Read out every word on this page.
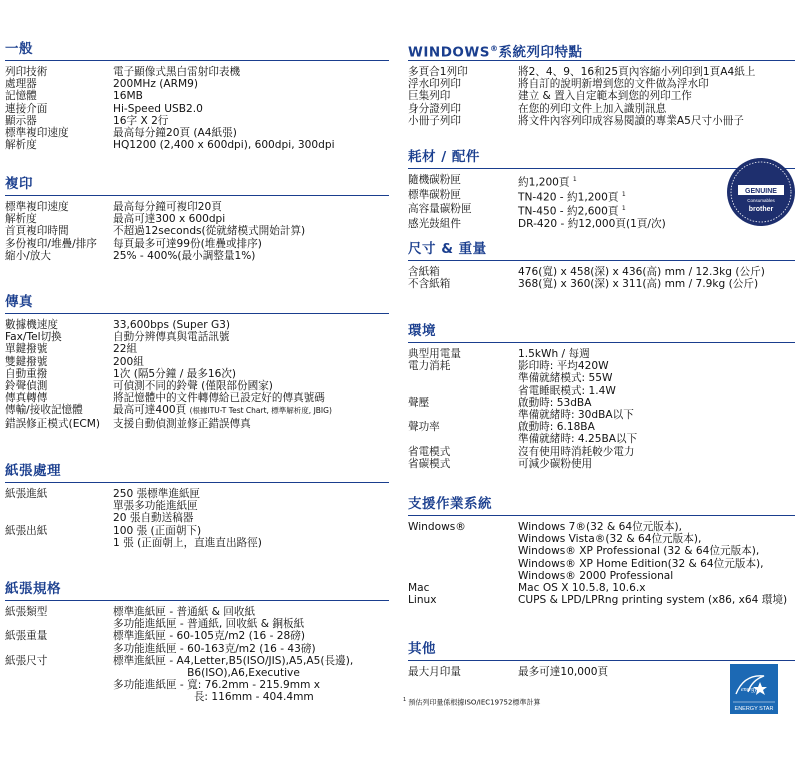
一般
列印技術	電子顯像式黑白雷射印表機
處理器	200MHz (ARM9)
記憶體	16MB
連接介面	Hi-Speed USB2.0
顯示器	16字 X 2行
標準複印速度	最高每分鐘20頁 (A4紙張)
解析度	HQ1200 (2,400 x 600dpi), 600dpi, 300dpi
複印
標準複印速度	最高每分鐘可複印20頁
解析度	最高可達300 x 600dpi
首頁複印時間	不超過12seconds(從就緒模式開始計算)
多份複印/堆疊/排序	每頁最多可達99份(堆疊或排序)
縮小/放大	25% - 400%(最小調整量1%)
傳真
數據機速度	33,600bps (Super G3)
Fax/Tel切換	自動分辨傳真與電話訊號
單鍵撥號	22組
雙鍵撥號	200組
自動重撥	1次 (隔5分鐘 / 最多16次)
鈴聲偵測	可偵測不同的鈴聲 (僅限部份國家)
傳真轉傳	將記憶體中的文件轉傳給已設定好的傳真號碼
傳輸/接收記憶體	最高可達400頁 (根據ITU-T Test Chart, 標準解析度, JBIG)
錯誤修正模式(ECM)	支援自動偵測並修正錯誤傳真
紙張處理
紙張進紙	250 張標準進紙匣
單張多功能進紙匣
20 張自動送稿器
紙張出紙	100 張 (正面朝下)
1 張 (正面朝上，直進直出路徑)
紙張規格
紙張類型	標準進紙匣 - 普通紙 & 回收紙
多功能進紙匣 - 普通紙, 回收紙 & 銅板紙
紙張重量	標準進紙匣 - 60-105克/m2 (16 - 28磅)
多功能進紙匣 - 60-163克/m2 (16 - 43磅)
紙張尺寸	標準進紙匣 - A4,Letter,B5(ISO/JIS),A5,A5(長邊),
B6(ISO),A6,Executive
多功能進紙匣 - 寬: 76.2mm - 215.9mm x
長: 116mm - 404.4mm
WINDOWS®系統列印特點
多頁合1列印	將2、4、9、16和25頁內容縮小列印到1頁A4紙上
浮水印列印	將自訂的說明新增到您的文件做為浮水印
巨集列印	建立 & 置入自定範本到您的列印工作
身分證列印	在您的列印文件上加入識別訊息
小冊子列印	將文件內容列印成容易閱讀的專業A5尺寸小冊子
耗材 / 配件
隨機碳粉匣	約1,200頁 $^1$
標準碳粉匣	TN-420 - 約1,200頁 $^1$
高容量碳粉匣	TN-450 - 約2,600頁 $^1$
感光鼓組件	DR-420 - 約12,000頁(1頁/次)
GENUINE
Consumables
brother
尺寸 & 重量
含紙箱	476(寬) x 458(深) x 436(高) mm / 12.3kg (公斤)
不含紙箱	368(寬) x 360(深) x 311(高) mm / 7.9kg (公斤)
環境
典型用電量	1.5kWh / 每週
電力消耗	影印時: 平均420W
準備就緒模式: 55W
省電睡眠模式: 1.4W
聲壓	啟動時: 53dBA
準備就緒時: 30dBA以下
聲功率	啟動時: 6.18BA
準備就緒時: 4.25BA以下
省電模式	沒有使用時消耗較少電力
省碳模式	可減少碳粉使用
支援作業系統
Windows®	Windows 7®(32 & 64位元版本),
Windows Vista®(32 & 64位元版本),
Windows® XP Professional (32 & 64位元版本),
Windows® XP Home Edition(32 & 64位元版本),
Windows® 2000 Professional
Mac	Mac OS X 10.5.8, 10.6.x
Linux	CUPS & LPD/LPRng printing system (x86, x64 環境)
其他
最大月印量	最多可達10,000頁
$^1$ 預估列印量係根據ISO/IEC19752標準計算
energy
ENERGY STAR
